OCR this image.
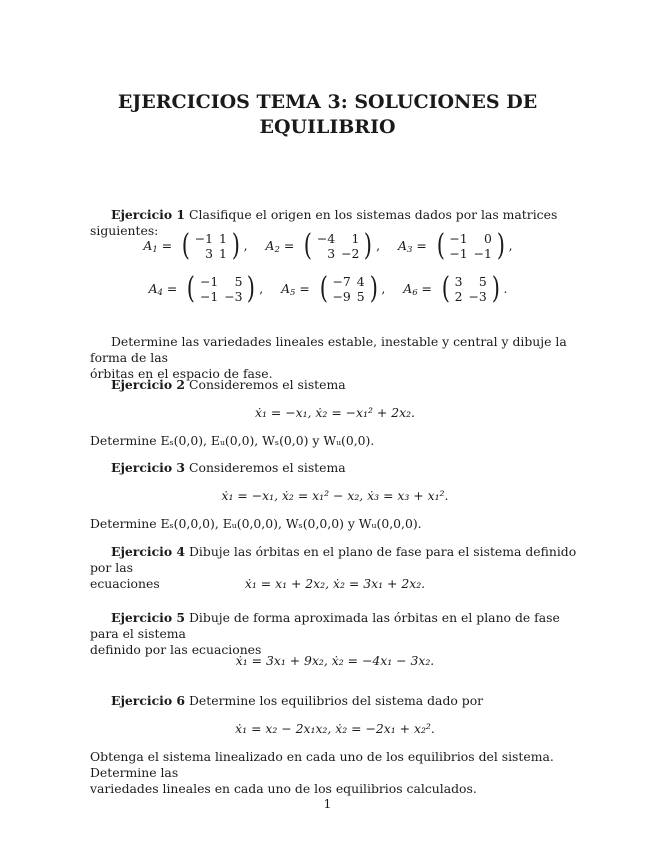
EJERCICIOS TEMA 3: SOLUCIONES DE
EQUILIBRIO
Ejercicio 1 Clasifique el origen en los sistemas dados por las matrices siguientes:
$A_1$ = ( −1	1
3	1 ) , $A_2$ = ( −4	1
3	−2 ) , $A_3$ = ( −1	0
−1	−1 ) ,
$A_4$ = ( −1	5
−1	−3 ) , $A_5$ = ( −7	4
−9	5 ) , $A_6$ = ( 3	5
2	−3 ) .
Determine las variedades lineales estable, inestable y central y dibuje la forma de las
órbitas en el espacio de fase.
Ejercicio 2 Consideremos el sistema
ẋ₁ = −x₁, ẋ₂ = −x₁² + 2x₂.
Determine Eₛ(0,0), Eᵤ(0,0), Wₛ(0,0) y Wᵤ(0,0).
Ejercicio 3 Consideremos el sistema
ẋ₁ = −x₁, ẋ₂ = x₁² − x₂, ẋ₃ = x₃ + x₁².
Determine Eₛ(0,0,0), Eᵤ(0,0,0), Wₛ(0,0,0) y Wᵤ(0,0,0).
Ejercicio 4 Dibuje las órbitas en el plano de fase para el sistema definido por las
ecuaciones	ẋ₁ = x₁ + 2x₂, ẋ₂ = 3x₁ + 2x₂.
Ejercicio 5 Dibuje de forma aproximada las órbitas en el plano de fase para el sistema
definido por las ecuaciones
ẋ₁ = 3x₁ + 9x₂, ẋ₂ = −4x₁ − 3x₂.
Ejercicio 6 Determine los equilibrios del sistema dado por
ẋ₁ = x₂ − 2x₁x₂, ẋ₂ = −2x₁ + x₂².
Obtenga el sistema linealizado en cada uno de los equilibrios del sistema. Determine las
variedades lineales en cada uno de los equilibrios calculados.
1
